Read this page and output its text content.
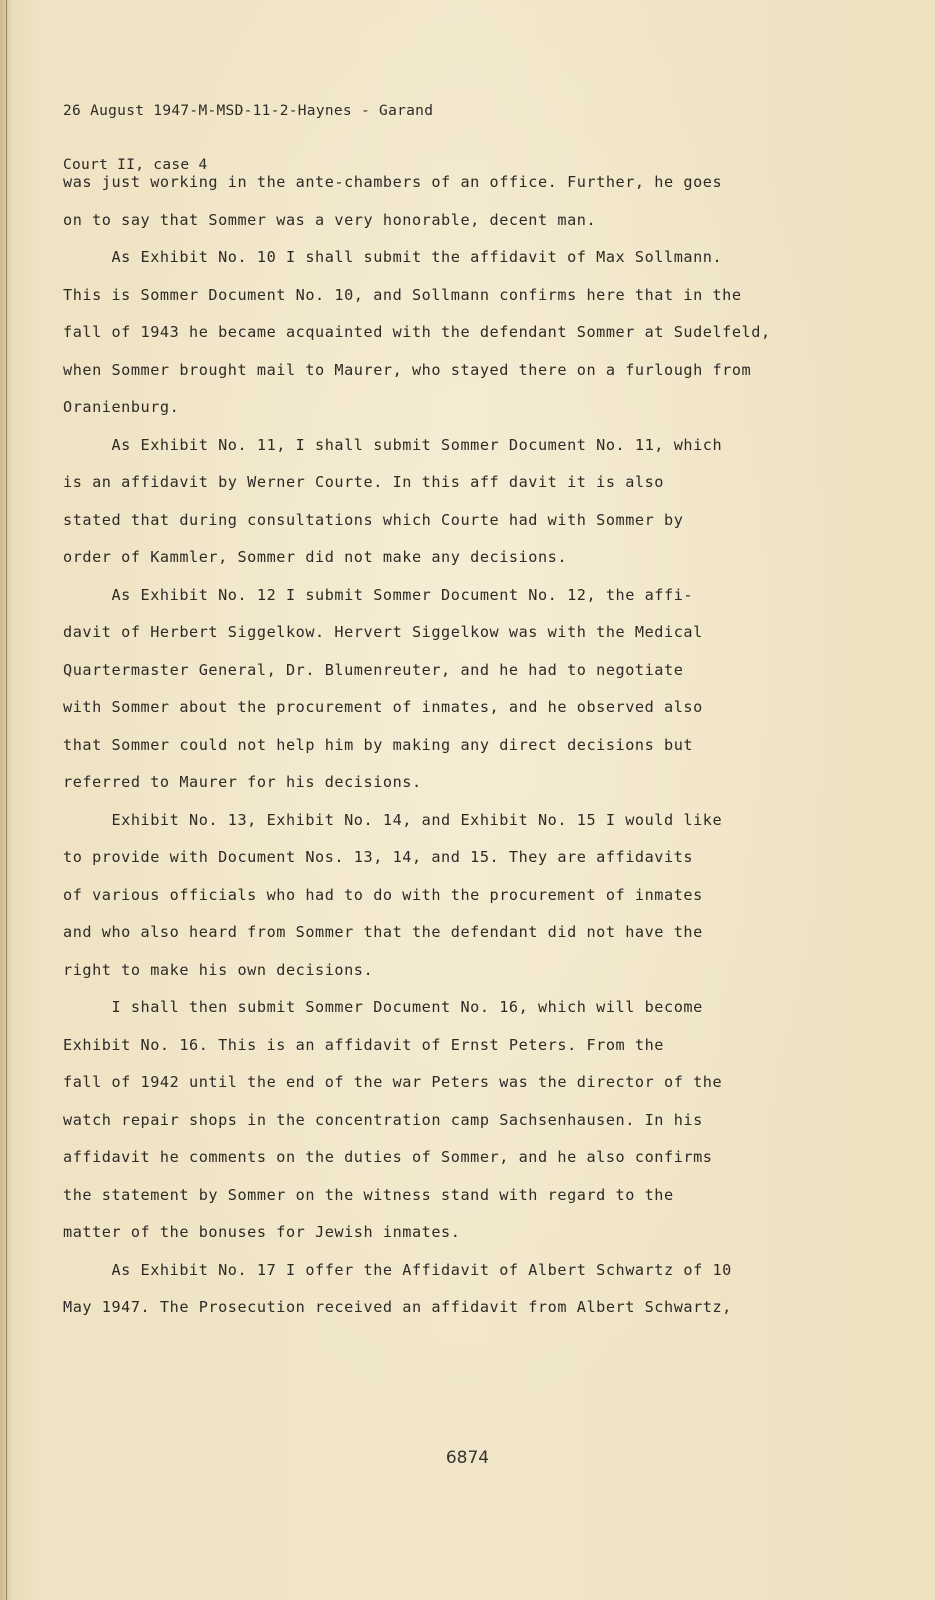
26 August 1947-M-MSD-11-2-Haynes - Garand

Court II, case 4

was just working in the ante-chambers of an office. Further, he goes
on to say that Sommer was a very honorable, decent man.
As Exhibit No. 10 I shall submit the affidavit of Max Sollmann.
This is Sommer Document No. 10, and Sollmann confirms here that in the
fall of 1943 he became acquainted with the defendant Sommer at Sudelfeld,
when Sommer brought mail to Maurer, who stayed there on a furlough from
Oranienburg.
As Exhibit No. 11, I shall submit Sommer Document No. 11, which
is an affidavit by Werner Courte. In this aff davit it is also
stated that during consultations which Courte had with Sommer by
order of Kammler, Sommer did not make any decisions.
As Exhibit No. 12 I submit Sommer Document No. 12, the affi-
davit of Herbert Siggelkow. Hervert Siggelkow was with the Medical
Quartermaster General, Dr. Blumenreuter, and he had to negotiate
with Sommer about the procurement of inmates, and he observed also
that Sommer could not help him by making any direct decisions but
referred to Maurer for his decisions.
Exhibit No. 13, Exhibit No. 14, and Exhibit No. 15 I would like
to provide with Document Nos. 13, 14, and 15. They are affidavits
of various officials who had to do with the procurement of inmates
and who also heard from Sommer that the defendant did not have the
right to make his own decisions.
I shall then submit Sommer Document No. 16, which will become
Exhibit No. 16. This is an affidavit of Ernst Peters. From the
fall of 1942 until the end of the war Peters was the director of the
watch repair shops in the concentration camp Sachsenhausen. In his
affidavit he comments on the duties of Sommer, and he also confirms
the statement by Sommer on the witness stand with regard to the
matter of the bonuses for Jewish inmates.
As Exhibit No. 17 I offer the Affidavit of Albert Schwartz of 10
May 1947. The Prosecution received an affidavit from Albert Schwartz,
6874
